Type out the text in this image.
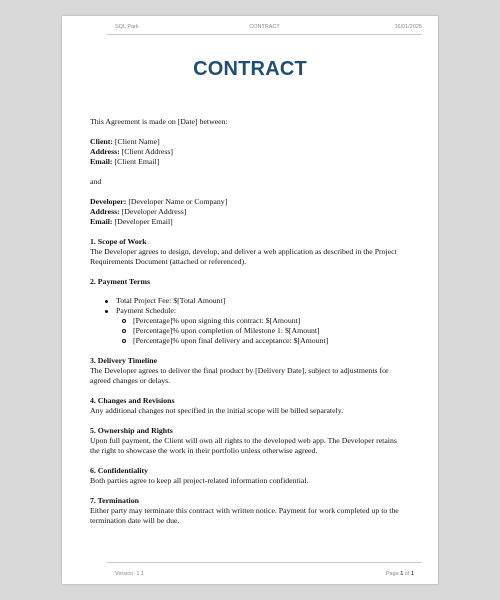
SQL Park	CONTRACT	16/01/2025
CONTRACT

This Agreement is made on [Date] between:

Client: [Client Name]

Address: [Client Address]

Email: [Client Email]

and

Developer: [Developer Name or Company]

Address: [Developer Address]

Email: [Developer Email]

1. Scope of Work

The Developer agrees to design, develop, and deliver a web application as described in the Project

Requirements Document (attached or referenced).

2. Payment Terms

Total Project Fee: $[Total Amount]
Payment Schedule:
[Percentage]% upon signing this contract: $[Amount]
[Percentage]% upon completion of Milestone 1: $[Amount]
[Percentage]% upon final delivery and acceptance: $[Amount]

3. Delivery Timeline

The Developer agrees to deliver the final product by [Delivery Date], subject to adjustments for

agreed changes or delays.

4. Changes and Revisions

Any additional changes not specified in the initial scope will be billed separately.

5. Ownership and Rights

Upon full payment, the Client will own all rights to the developed web app. The Developer retains

the right to showcase the work in their portfolio unless otherwise agreed.

6. Confidentiality

Both parties agree to keep all project-related information confidential.

7. Termination

Either party may terminate this contract with written notice. Payment for work completed up to the

termination date will be due.

Version: 1.1	Page 1 of 1
